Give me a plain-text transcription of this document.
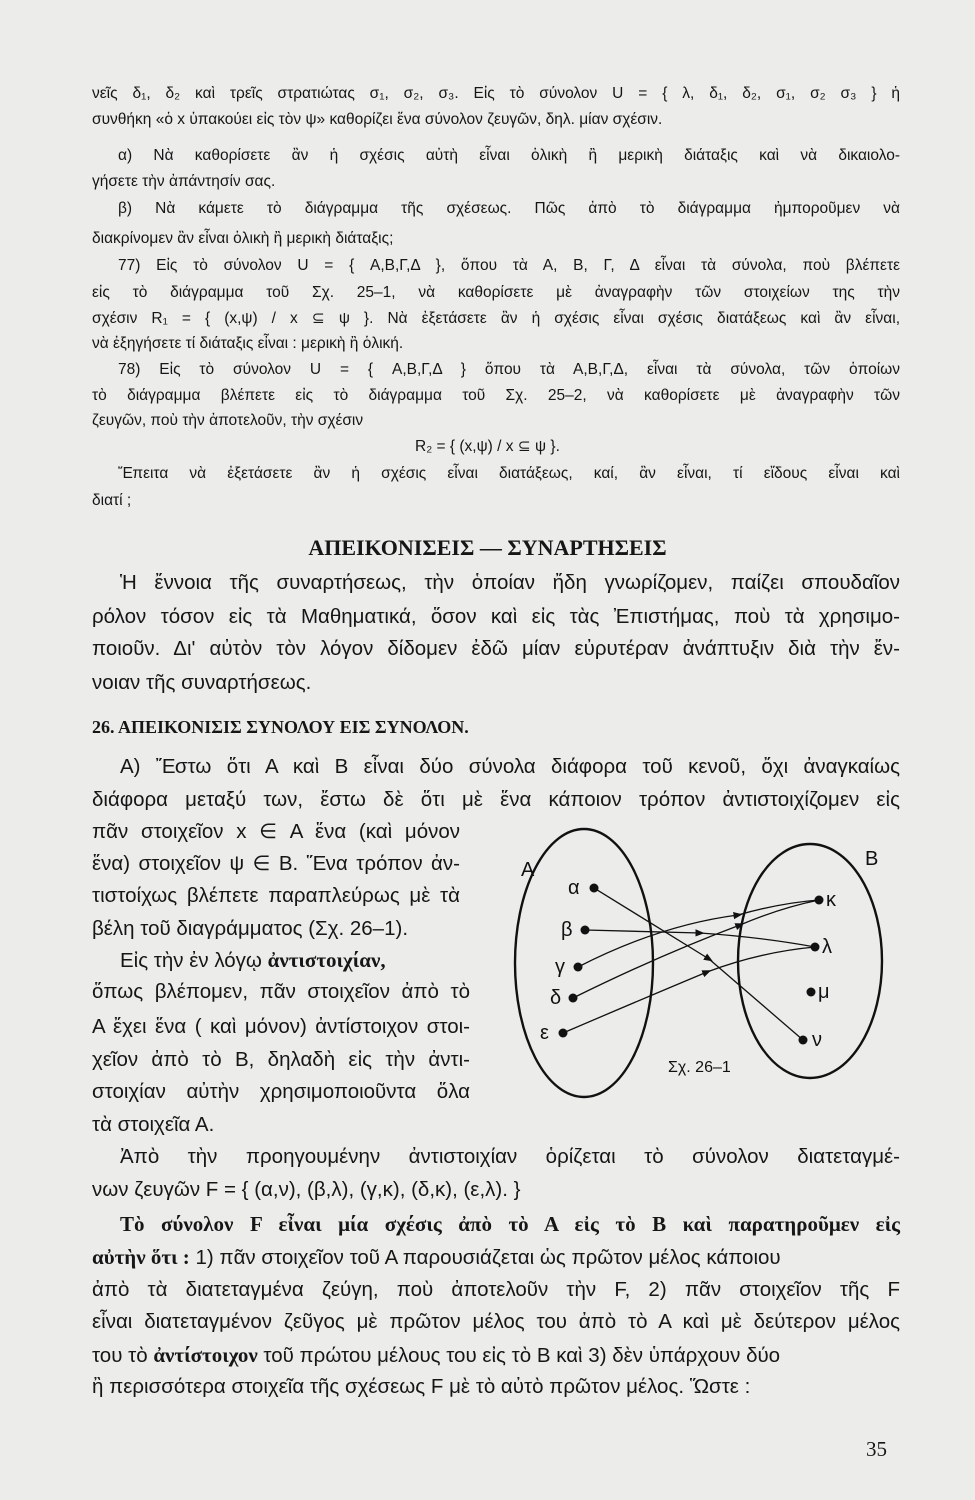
νεῖς δ₁, δ₂ καὶ τρεῖς στρατιώτας σ₁, σ₂, σ₃. Εἰς τὸ σύνολον U = { λ, δ₁, δ₂, σ₁, σ₂ σ₃ } ἡ
συνθήκη «ὁ x ὑπακούει εἰς τὸν ψ» καθορίζει ἕνα σύνολον ζευγῶν, δηλ. μίαν σχέσιν.
α) Νὰ καθορίσετε ἂν ἡ σχέσις αὐτὴ εἶναι ὁλικὴ ἢ μερικὴ διάταξις καὶ νὰ δικαιολο-
γήσετε τὴν ἀπάντησίν σας.
β) Νὰ κάμετε τὸ διάγραμμα τῆς σχέσεως. Πῶς ἀπὸ τὸ διάγραμμα ἠμποροῦμεν νὰ
διακρίνομεν ἂν εἶναι ὁλικὴ ἢ μερικὴ διάταξις;
77) Εἰς τὸ σύνολον U = { Α,Β,Γ,Δ }, ὅπου τὰ Α, Β, Γ, Δ εἶναι τὰ σύνολα, ποὺ βλέπετε
εἰς τὸ διάγραμμα τοῦ Σχ. 25–1, νὰ καθορίσετε μὲ ἀναγραφὴν τῶν στοιχείων της τὴν
σχέσιν R₁ = { (x,ψ) / x ⊆ ψ }. Νὰ ἐξετάσετε ἂν ἡ σχέσις εἶναι σχέσις διατάξεως καὶ ἂν εἶναι,
νὰ ἐξηγήσετε τί διάταξις εἶναι : μερικὴ ἢ ὁλική.
78) Εἰς τὸ σύνολον U = { Α,Β,Γ,Δ } ὅπου τὰ Α,Β,Γ,Δ, εἶναι τὰ σύνολα, τῶν ὁποίων
τὸ διάγραμμα βλέπετε εἰς τὸ διάγραμμα τοῦ Σχ. 25–2, νὰ καθορίσετε μὲ ἀναγραφὴν τῶν
ζευγῶν, ποὺ τὴν ἀποτελοῦν, τὴν σχέσιν
R₂ = { (x,ψ) / x ⊆ ψ }.
Ἔπειτα νὰ ἐξετάσετε ἂν ἡ σχέσις εἶναι διατάξεως, καί, ἂν εἶναι, τί εἴδους εἶναι καὶ
διατί ;
ΑΠΕΙΚΟΝΙΣΕΙΣ — ΣΥΝΑΡΤΗΣΕΙΣ
Ἡ ἔννοια τῆς συναρτήσεως, τὴν ὁποίαν ἤδη γνωρίζομεν, παίζει σπουδαῖον
ρόλον τόσον εἰς τὰ Μαθηματικά, ὅσον καὶ εἰς τὰς Ἐπιστήμας, ποὺ τὰ χρησιμο-
ποιοῦν. Δι' αὐτὸν τὸν λόγον δίδομεν ἐδῶ μίαν εὐρυτέραν ἀνάπτυξιν διὰ τὴν ἔν-
νοιαν τῆς συναρτήσεως.
26. ΑΠΕΙΚΟΝΙΣΙΣ ΣΥΝΟΛΟΥ ΕΙΣ ΣΥΝΟΛΟΝ.
Α) Ἔστω ὅτι Α καὶ Β εἶναι δύο σύνολα διάφορα τοῦ κενοῦ, ὄχι ἀναγκαίως
διάφορα μεταξύ των, ἔστω δὲ ὅτι μὲ ἕνα κάποιον τρόπον ἀντιστοιχίζομεν εἰς
πᾶν στοιχεῖον x ∈ Α ἕνα (καὶ μόνον
ἕνα) στοιχεῖον ψ ∈ Β. Ἕνα τρόπον ἀν-
τιστοίχως βλέπετε παραπλεύρως μὲ τὰ
βέλη τοῦ διαγράμματος (Σχ. 26–1).
Εἰς τὴν ἐν λόγῳ ἀντιστοιχίαν,
ὅπως βλέπομεν, πᾶν στοιχεῖον ἀπὸ τὸ
Α ἔχει ἕνα ( καὶ μόνον) ἀντίστοιχον στοι-
χεῖον ἀπὸ τὸ Β, δηλαδὴ εἰς τὴν ἀντι-
στοιχίαν αὐτὴν χρησιμοποιοῦντα ὅλα
τὰ στοιχεῖα Α.
Ἀπὸ τὴν προηγουμένην ἀντιστοιχίαν ὁρίζεται τὸ σύνολον διατεταγμέ-
νων ζευγῶν F = { (α,ν), (β,λ), (γ,κ), (δ,κ), (ε,λ). }
Τὸ σύνολον F εἶναι μία σχέσις ἀπὸ τὸ Α εἰς τὸ Β καὶ παρατηροῦμεν εἰς
αὐτὴν ὅτι : 1) πᾶν στοιχεῖον τοῦ Α παρουσιάζεται ὡς πρῶτον μέλος κάποιου
ἀπὸ τὰ διατεταγμένα ζεύγη, ποὺ ἀποτελοῦν τὴν F, 2) πᾶν στοιχεῖον τῆς F
εἶναι διατεταγμένον ζεῦγος μὲ πρῶτον μέλος του ἀπὸ τὸ Α καὶ μὲ δεύτερον μέλος
του τὸ ἀντίστοιχον τοῦ πρώτου μέλους του εἰς τὸ Β καὶ 3) δὲν ὑπάρχουν δύο
ἢ περισσότερα στοιχεῖα τῆς σχέσεως F μὲ τὸ αὐτὸ πρῶτον μέλος. Ὥστε :
Α	Β
α
β
γ
δ
ε
κ
λ
μ
ν
Σχ. 26–1
35
